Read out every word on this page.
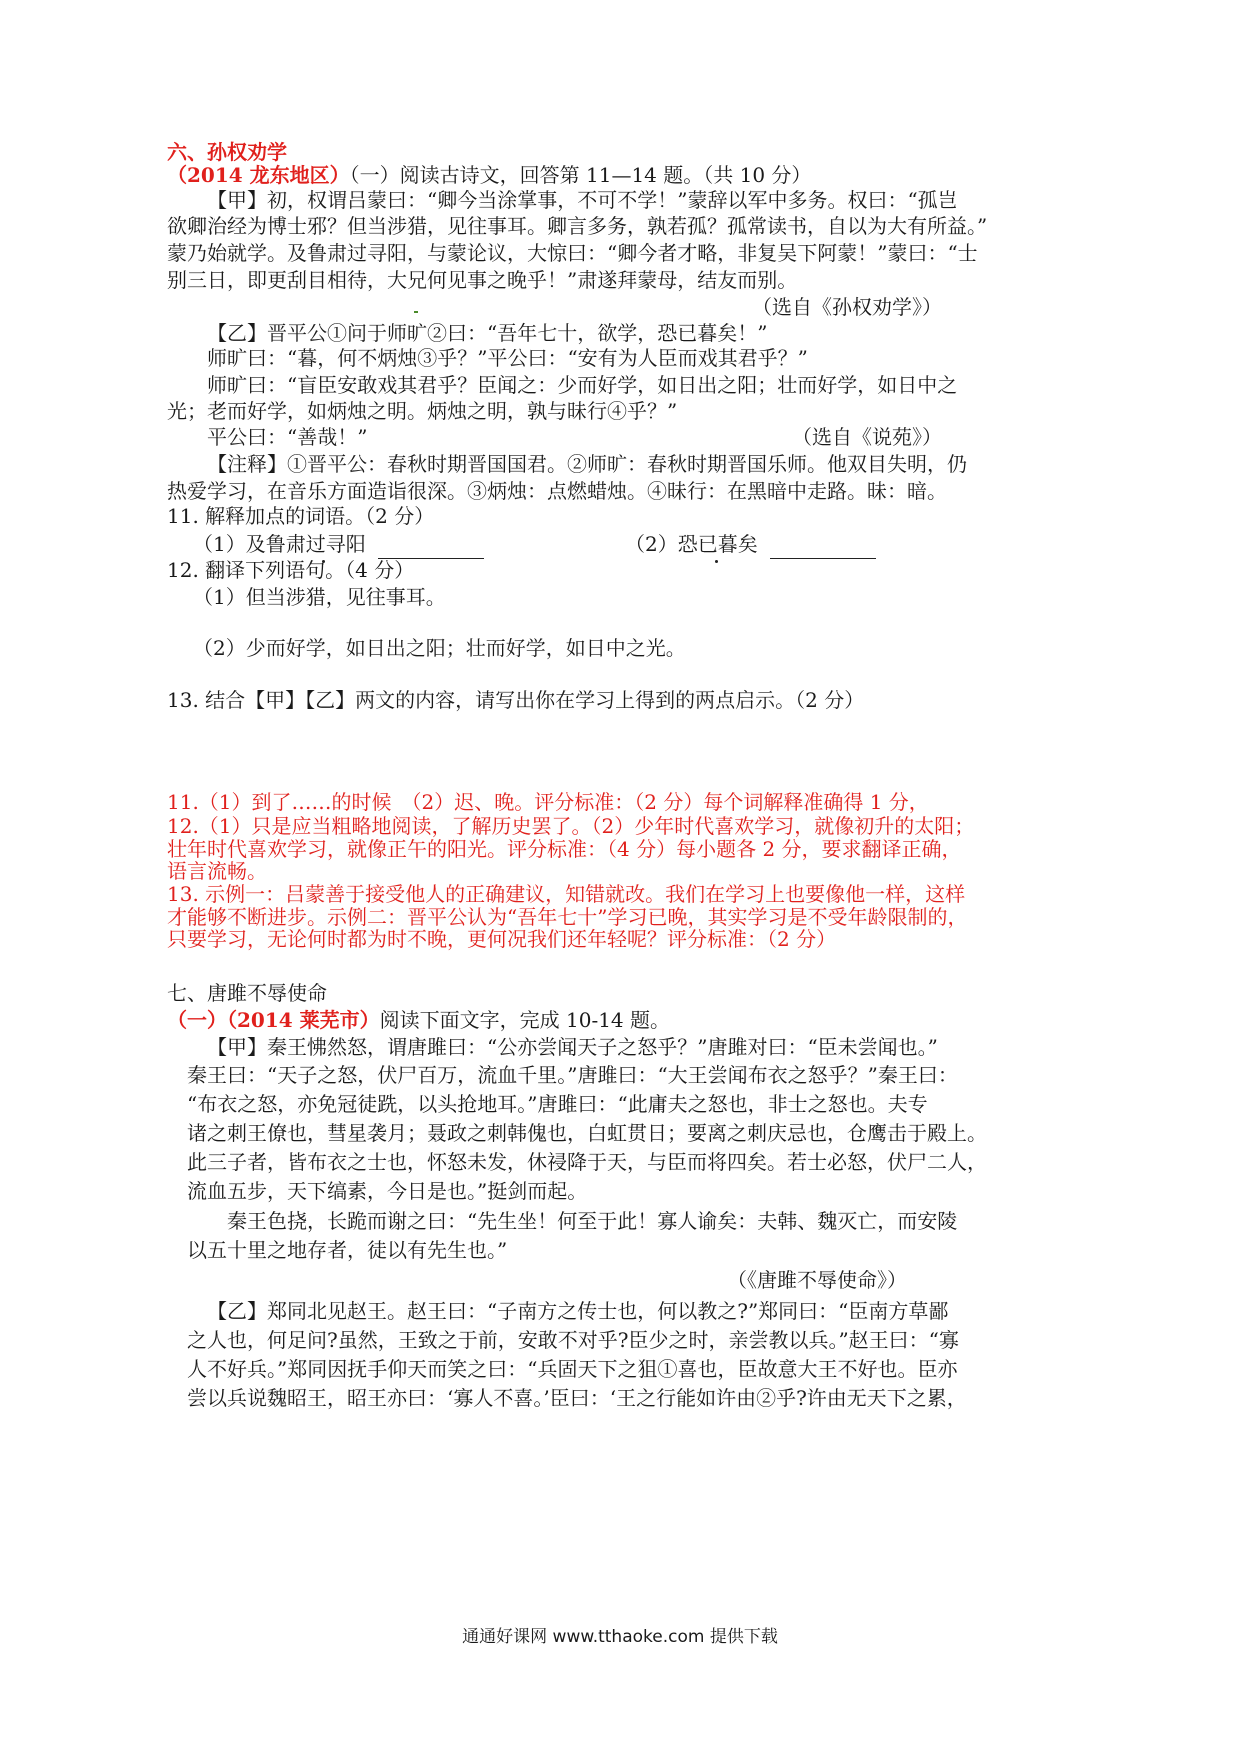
六、孙权劝学
（2014 龙东地区）（一）阅读古诗文，回答第 11—14 题。（共 10 分）
【甲】初，权谓吕蒙曰：“卿今当涂掌事，不可不学！”蒙辞以军中多务。权曰：“孤岂
欲卿治经为博士邪？但当涉猎，见往事耳。卿言多务，孰若孤？孤常读书，自以为大有所益。”
蒙乃始就学。及鲁肃过寻阳，与蒙论议，大惊曰：“卿今者才略，非复吴下阿蒙！”蒙曰：“士
别三日，即更刮目相待，大兄何见事之晚乎！”肃遂拜蒙母，结友而别。
（选自《孙权劝学》）
【乙】晋平公①问于师旷②曰：“吾年七十，欲学，恐已暮矣！”
师旷曰：“暮，何不炳烛③乎？”平公曰：“安有为人臣而戏其君乎？”
师旷曰：“盲臣安敢戏其君乎？臣闻之：少而好学，如日出之阳；壮而好学，如日中之
光；老而好学，如炳烛之明。炳烛之明，孰与昧行④乎？”
平公曰：“善哉！”	（选自《说苑》）
【注释】①晋平公：春秋时期晋国国君。②师旷：春秋时期晋国乐师。他双目失明，仍
热爱学习，在音乐方面造诣很深。③炳烛：点燃蜡烛。④昧行：在黑暗中走路。昧：暗。
11. 解释加点的词语。（2 分）
（1）及鲁肃过寻阳	（2）恐已暮矣
12. 翻译下列语句。（4 分）
（1）但当涉猎，见往事耳。
（2）少而好学，如日出之阳；壮而好学，如日中之光。
13. 结合【甲】【乙】两文的内容，请写出你在学习上得到的两点启示。（2 分）
11.（1）到了……的时候　（2）迟、晚。评分标准：（2 分）每个词解释准确得 1 分，
12.（1）只是应当粗略地阅读，了解历史罢了。（2）少年时代喜欢学习，就像初升的太阳；
壮年时代喜欢学习，就像正午的阳光。评分标准：（4 分）每小题各 2 分，要求翻译正确，
语言流畅。
13. 示例一：吕蒙善于接受他人的正确建议，知错就改。我们在学习上也要像他一样，这样
才能够不断进步。示例二：晋平公认为“吾年七十”学习已晚，其实学习是不受年龄限制的，
只要学习，无论何时都为时不晚，更何况我们还年轻呢？评分标准：（2 分）
七、唐雎不辱使命
（一）（2014 莱芜市）阅读下面文字，完成 10-14 题。
【甲】秦王怫然怒，谓唐雎曰：“公亦尝闻天子之怒乎？”唐雎对曰：“臣未尝闻也。”
秦王曰：“天子之怒，伏尸百万，流血千里。”唐雎曰：“大王尝闻布衣之怒乎？”秦王曰：
“布衣之怒，亦免冠徒跣，以头抢地耳。”唐雎曰：“此庸夫之怒也，非士之怒也。夫专
诸之刺王僚也，彗星袭月；聂政之刺韩傀也，白虹贯日；要离之刺庆忌也，仓鹰击于殿上。
此三子者，皆布衣之士也，怀怒未发，休祲降于天，与臣而将四矣。若士必怒，伏尸二人，
流血五步，天下缟素，今日是也。”挺剑而起。
秦王色挠，长跪而谢之曰：“先生坐！何至于此！寡人谕矣：夫韩、魏灭亡，而安陵
以五十里之地存者，徒以有先生也。”
（《唐雎不辱使命》）
【乙】郑同北见赵王。赵王曰：“子南方之传士也，何以教之?”郑同曰：“臣南方草鄙
之人也，何足问?虽然，王致之于前，安敢不对乎?臣少之时，亲尝教以兵。”赵王曰：“寡
人不好兵。”郑同因抚手仰天而笑之曰：“兵固天下之狙①喜也，臣故意大王不好也。臣亦
尝以兵说魏昭王，昭王亦曰：‘寡人不喜。’臣曰：‘王之行能如许由②乎?许由无天下之累，
通通好课网 www.tthaoke.com 提供下载
